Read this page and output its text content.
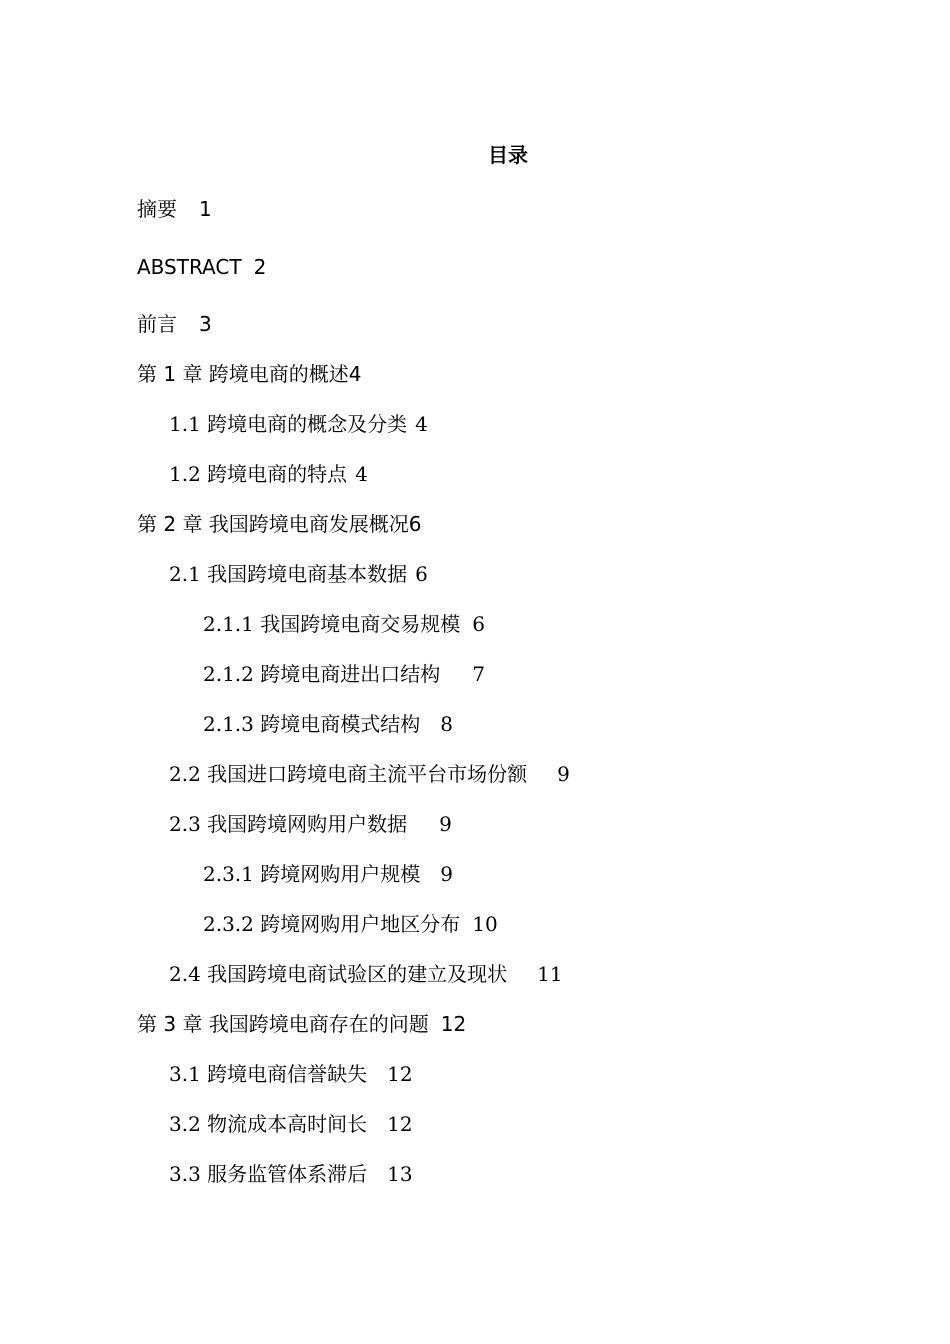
目录
摘要 1
ABSTRACT 2
前言 3
第 1 章 跨境电商的概述 4
1.1 跨境电商的概念及分类 4
1.2 跨境电商的特点 4
第 2 章 我国跨境电商发展概况 6
2.1 我国跨境电商基本数据 6
2.1.1 我国跨境电商交易规模 6
2.1.2 跨境电商进出口结构 7
2.1.3 跨境电商模式结构 8
2.2 我国进口跨境电商主流平台市场份额 9
2.3 我国跨境网购用户数据 9
2.3.1 跨境网购用户规模 9
2.3.2 跨境网购用户地区分布 10
2.4 我国跨境电商试验区的建立及现状 11
第 3 章 我国跨境电商存在的问题 12
3.1 跨境电商信誉缺失 12
3.2 物流成本高时间长 12
3.3 服务监管体系滞后 13
